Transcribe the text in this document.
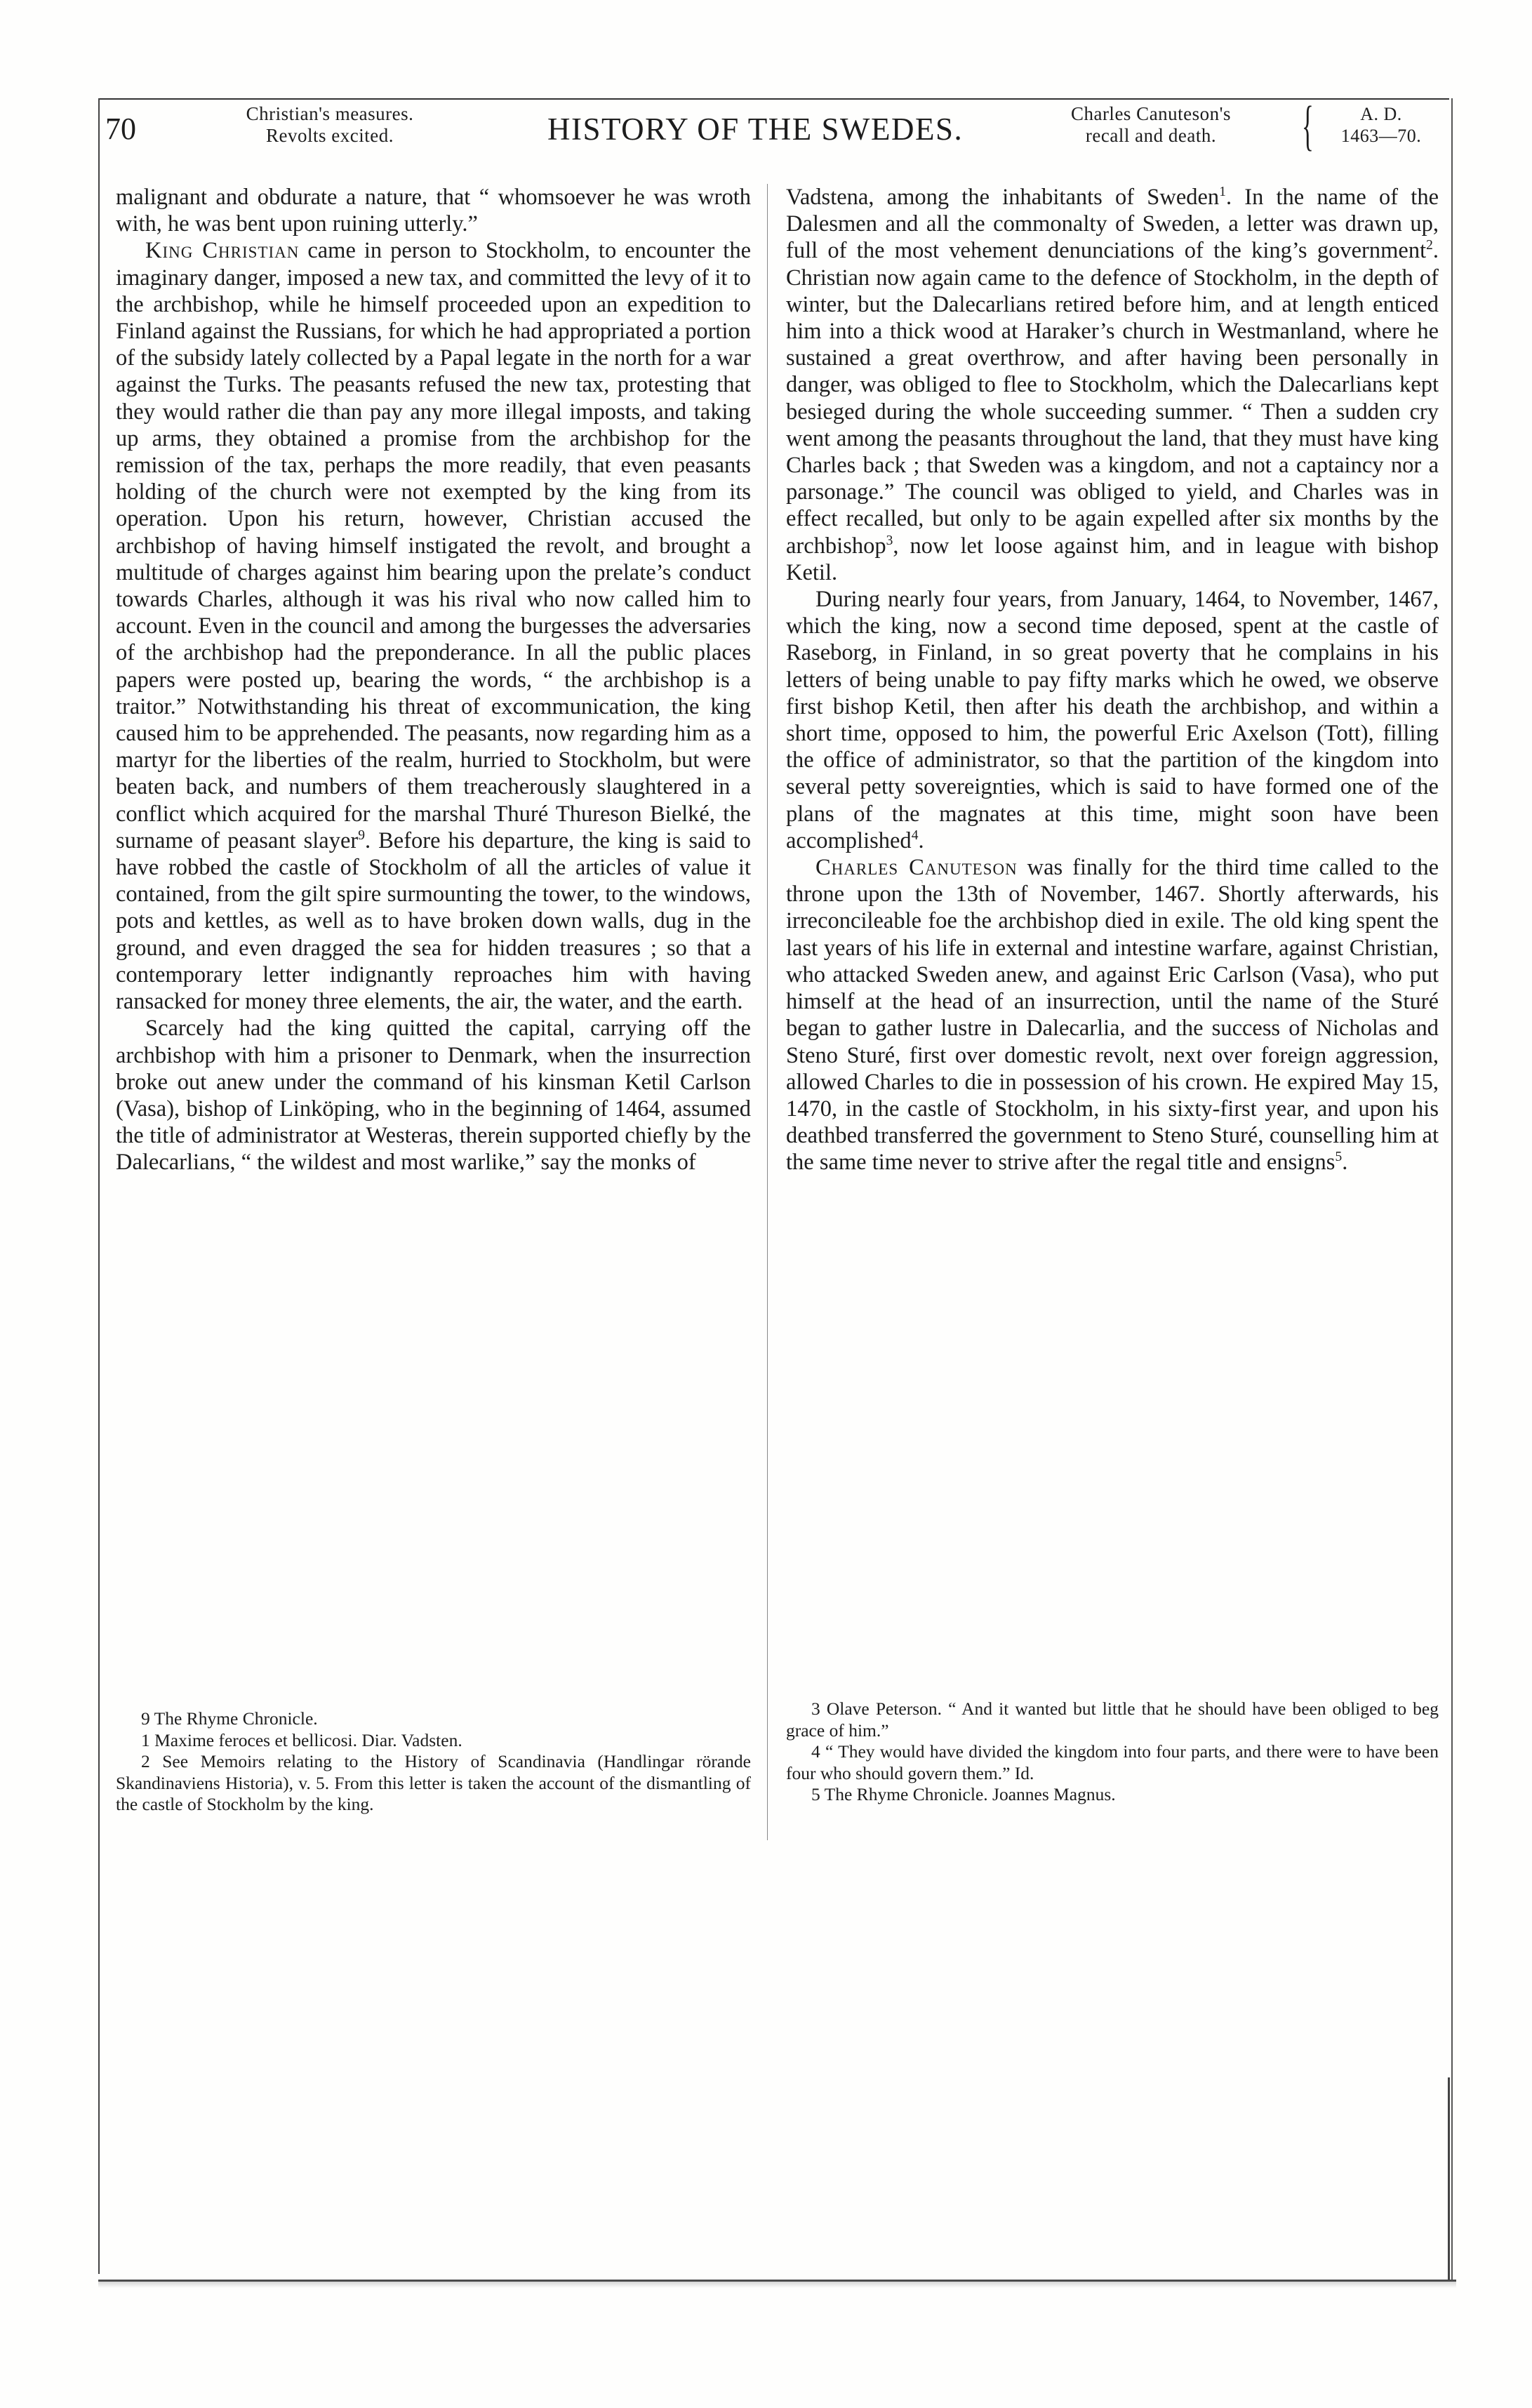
70	Christian's measures.
Revolts excited.	HISTORY OF THE SWEDES.	Charles Canuteson's
recall and death.	{	A. D.
1463—70.

malignant and obdurate a nature, that “ whomsoever he was wroth with, he was bent upon ruining utterly.”

King Christian came in person to Stockholm, to encounter the imaginary danger, imposed a new tax, and committed the levy of it to the archbishop, while he himself proceeded upon an expedition to Finland against the Russians, for which he had appropriated a portion of the subsidy lately collected by a Papal legate in the north for a war against the Turks. The peasants refused the new tax, protesting that they would rather die than pay any more illegal imposts, and taking up arms, they obtained a promise from the archbishop for the remission of the tax, perhaps the more readily, that even peasants holding of the church were not exempted by the king from its operation. Upon his return, however, Christian accused the archbishop of having himself instigated the revolt, and brought a multitude of charges against him bearing upon the prelate’s conduct towards Charles, although it was his rival who now called him to account. Even in the council and among the burgesses the adversaries of the archbishop had the preponderance. In all the public places papers were posted up, bearing the words, “ the archbishop is a traitor.” Notwithstanding his threat of excommunication, the king caused him to be apprehended. The peasants, now regarding him as a martyr for the liberties of the realm, hurried to Stockholm, but were beaten back, and numbers of them treacherously slaughtered in a conflict which acquired for the marshal Thuré Thureson Bielké, the surname of peasant slayer$^9$. Before his departure, the king is said to have robbed the castle of Stockholm of all the articles of value it contained, from the gilt spire surmounting the tower, to the windows, pots and kettles, as well as to have broken down walls, dug in the ground, and even dragged the sea for hidden treasures ; so that a contemporary letter indignantly reproaches him with having ransacked for money three elements, the air, the water, and the earth.

Scarcely had the king quitted the capital, carrying off the archbishop with him a prisoner to Denmark, when the insurrection broke out anew under the command of his kinsman Ketil Carlson (Vasa), bishop of Linköping, who in the beginning of 1464, assumed the title of administrator at Westeras, therein supported chiefly by the Dalecarlians, “ the wildest and most warlike,” say the monks of

Vadstena, among the inhabitants of Sweden$^1$. In the name of the Dalesmen and all the commonalty of Sweden, a letter was drawn up, full of the most vehement denunciations of the king’s government$^2$. Christian now again came to the defence of Stockholm, in the depth of winter, but the Dalecarlians retired before him, and at length enticed him into a thick wood at Haraker’s church in Westmanland, where he sustained a great overthrow, and after having been personally in danger, was obliged to flee to Stockholm, which the Dalecarlians kept besieged during the whole succeeding summer. “ Then a sudden cry went among the peasants throughout the land, that they must have king Charles back ; that Sweden was a kingdom, and not a captaincy nor a parsonage.” The council was obliged to yield, and Charles was in effect recalled, but only to be again expelled after six months by the archbishop$^3$, now let loose against him, and in league with bishop Ketil.

During nearly four years, from January, 1464, to November, 1467, which the king, now a second time deposed, spent at the castle of Raseborg, in Finland, in so great poverty that he complains in his letters of being unable to pay fifty marks which he owed, we observe first bishop Ketil, then after his death the archbishop, and within a short time, opposed to him, the powerful Eric Axelson (Tott), filling the office of administrator, so that the partition of the kingdom into several petty sovereignties, which is said to have formed one of the plans of the magnates at this time, might soon have been accomplished$^4$.

Charles Canuteson was finally for the third time called to the throne upon the 13th of November, 1467. Shortly afterwards, his irreconcileable foe the archbishop died in exile. The old king spent the last years of his life in external and intestine warfare, against Christian, who attacked Sweden anew, and against Eric Carlson (Vasa), who put himself at the head of an insurrection, until the name of the Sturé began to gather lustre in Dalecarlia, and the success of Nicholas and Steno Sturé, first over domestic revolt, next over foreign aggression, allowed Charles to die in possession of his crown. He expired May 15, 1470, in the castle of Stockholm, in his sixty-first year, and upon his deathbed transferred the government to Steno Sturé, counselling him at the same time never to strive after the regal title and ensigns$^5$.

9 The Rhyme Chronicle.

1 Maxime feroces et bellicosi. Diar. Vadsten.

2 See Memoirs relating to the History of Scandinavia (Handlingar rörande Skandinaviens Historia), v. 5. From this letter is taken the account of the dismantling of the castle of Stockholm by the king.

3 Olave Peterson. “ And it wanted but little that he should have been obliged to beg grace of him.”

4 “ They would have divided the kingdom into four parts, and there were to have been four who should govern them.” Id.

5 The Rhyme Chronicle. Joannes Magnus.
